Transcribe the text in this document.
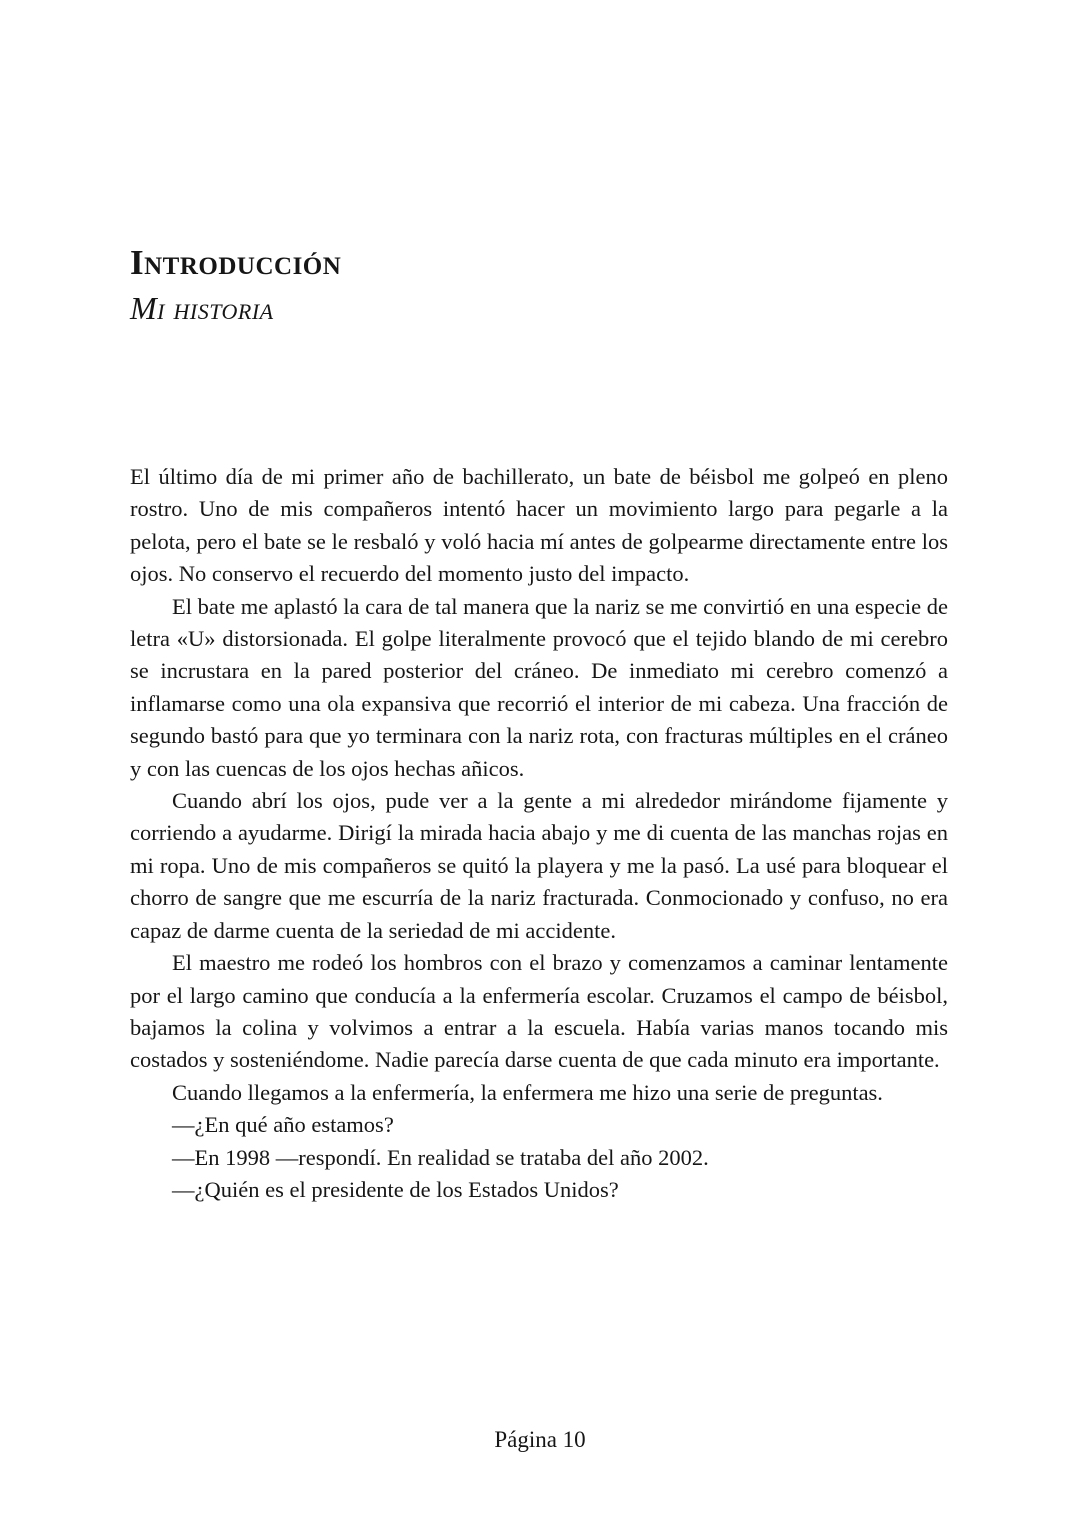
Introducción
Mi historia

El último día de mi primer año de bachillerato, un bate de béisbol me golpeó en pleno rostro. Uno de mis compañeros intentó hacer un movimiento largo para pegarle a la pelota, pero el bate se le resbaló y voló hacia mí antes de golpearme directamente entre los ojos. No conservo el recuerdo del momento justo del impacto.

El bate me aplastó la cara de tal manera que la nariz se me convirtió en una especie de letra «U» distorsionada. El golpe literalmente provocó que el tejido blando de mi cerebro se incrustara en la pared posterior del cráneo. De inmediato mi cerebro comenzó a inflamarse como una ola expansiva que recorrió el interior de mi cabeza. Una fracción de segundo bastó para que yo terminara con la nariz rota, con fracturas múltiples en el cráneo y con las cuencas de los ojos hechas añicos.

Cuando abrí los ojos, pude ver a la gente a mi alrededor mirándome fijamente y corriendo a ayudarme. Dirigí la mirada hacia abajo y me di cuenta de las manchas rojas en mi ropa. Uno de mis compañeros se quitó la playera y me la pasó. La usé para bloquear el chorro de sangre que me escurría de la nariz fracturada. Conmocionado y confuso, no era capaz de darme cuenta de la seriedad de mi accidente.

El maestro me rodeó los hombros con el brazo y comenzamos a caminar lentamente por el largo camino que conducía a la enfermería escolar. Cruzamos el campo de béisbol, bajamos la colina y volvimos a entrar a la escuela. Había varias manos tocando mis costados y sosteniéndome. Nadie parecía darse cuenta de que cada minuto era importante.

Cuando llegamos a la enfermería, la enfermera me hizo una serie de preguntas.

—¿En qué año estamos?

—En 1998 —respondí. En realidad se trataba del año 2002.

—¿Quién es el presidente de los Estados Unidos?

Página 10
